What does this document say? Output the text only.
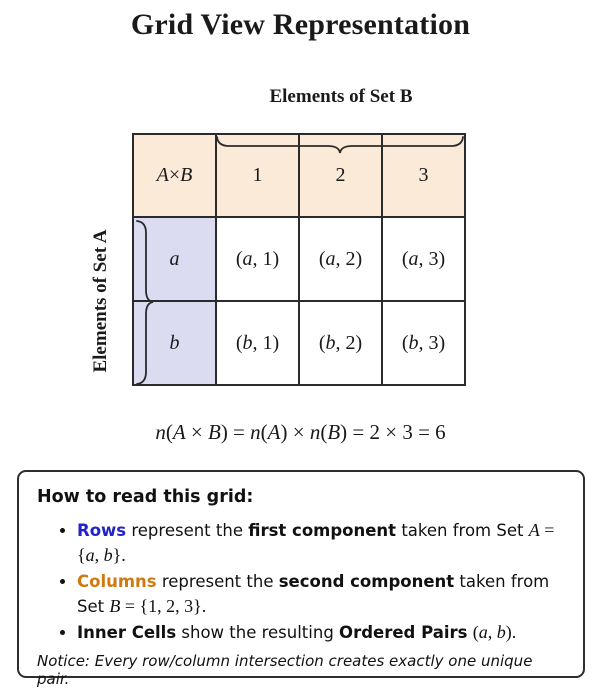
Grid View Representation
Elements of Set B
Elements of Set A
A × B	1	2	3
a	( a , 1)	( a , 2)	( a , 3)
b	( b , 1)	( b , 2)	( b , 3)
n(A × B) = n(A) × n(B) = 2 × 3 = 6
How to read this grid:
• Rows represent the first component taken from Set A = {a, b}.
• Columns represent the second component taken from Set B = {1, 2, 3}.
• Inner Cells show the resulting Ordered Pairs (a, b).
Notice: Every row/column intersection creates exactly one unique pair.
